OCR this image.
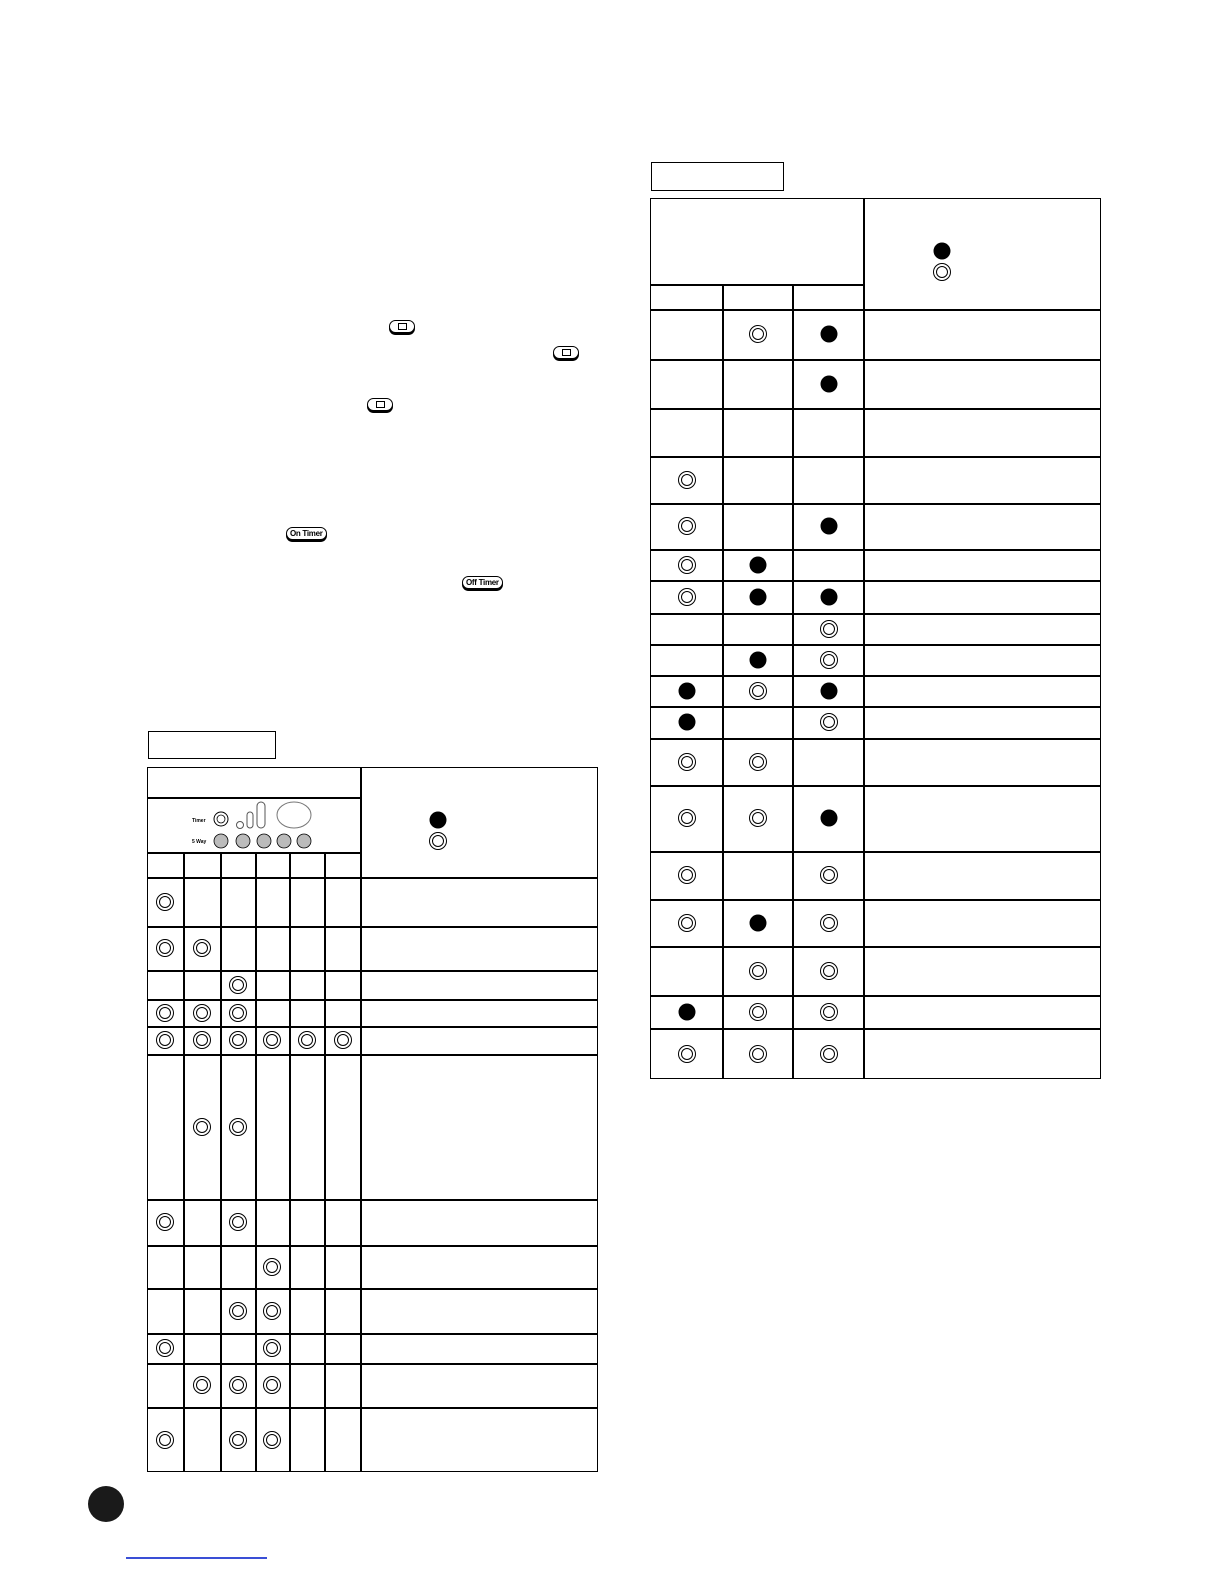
On Timer
Off Timer
Timer
5 Way
